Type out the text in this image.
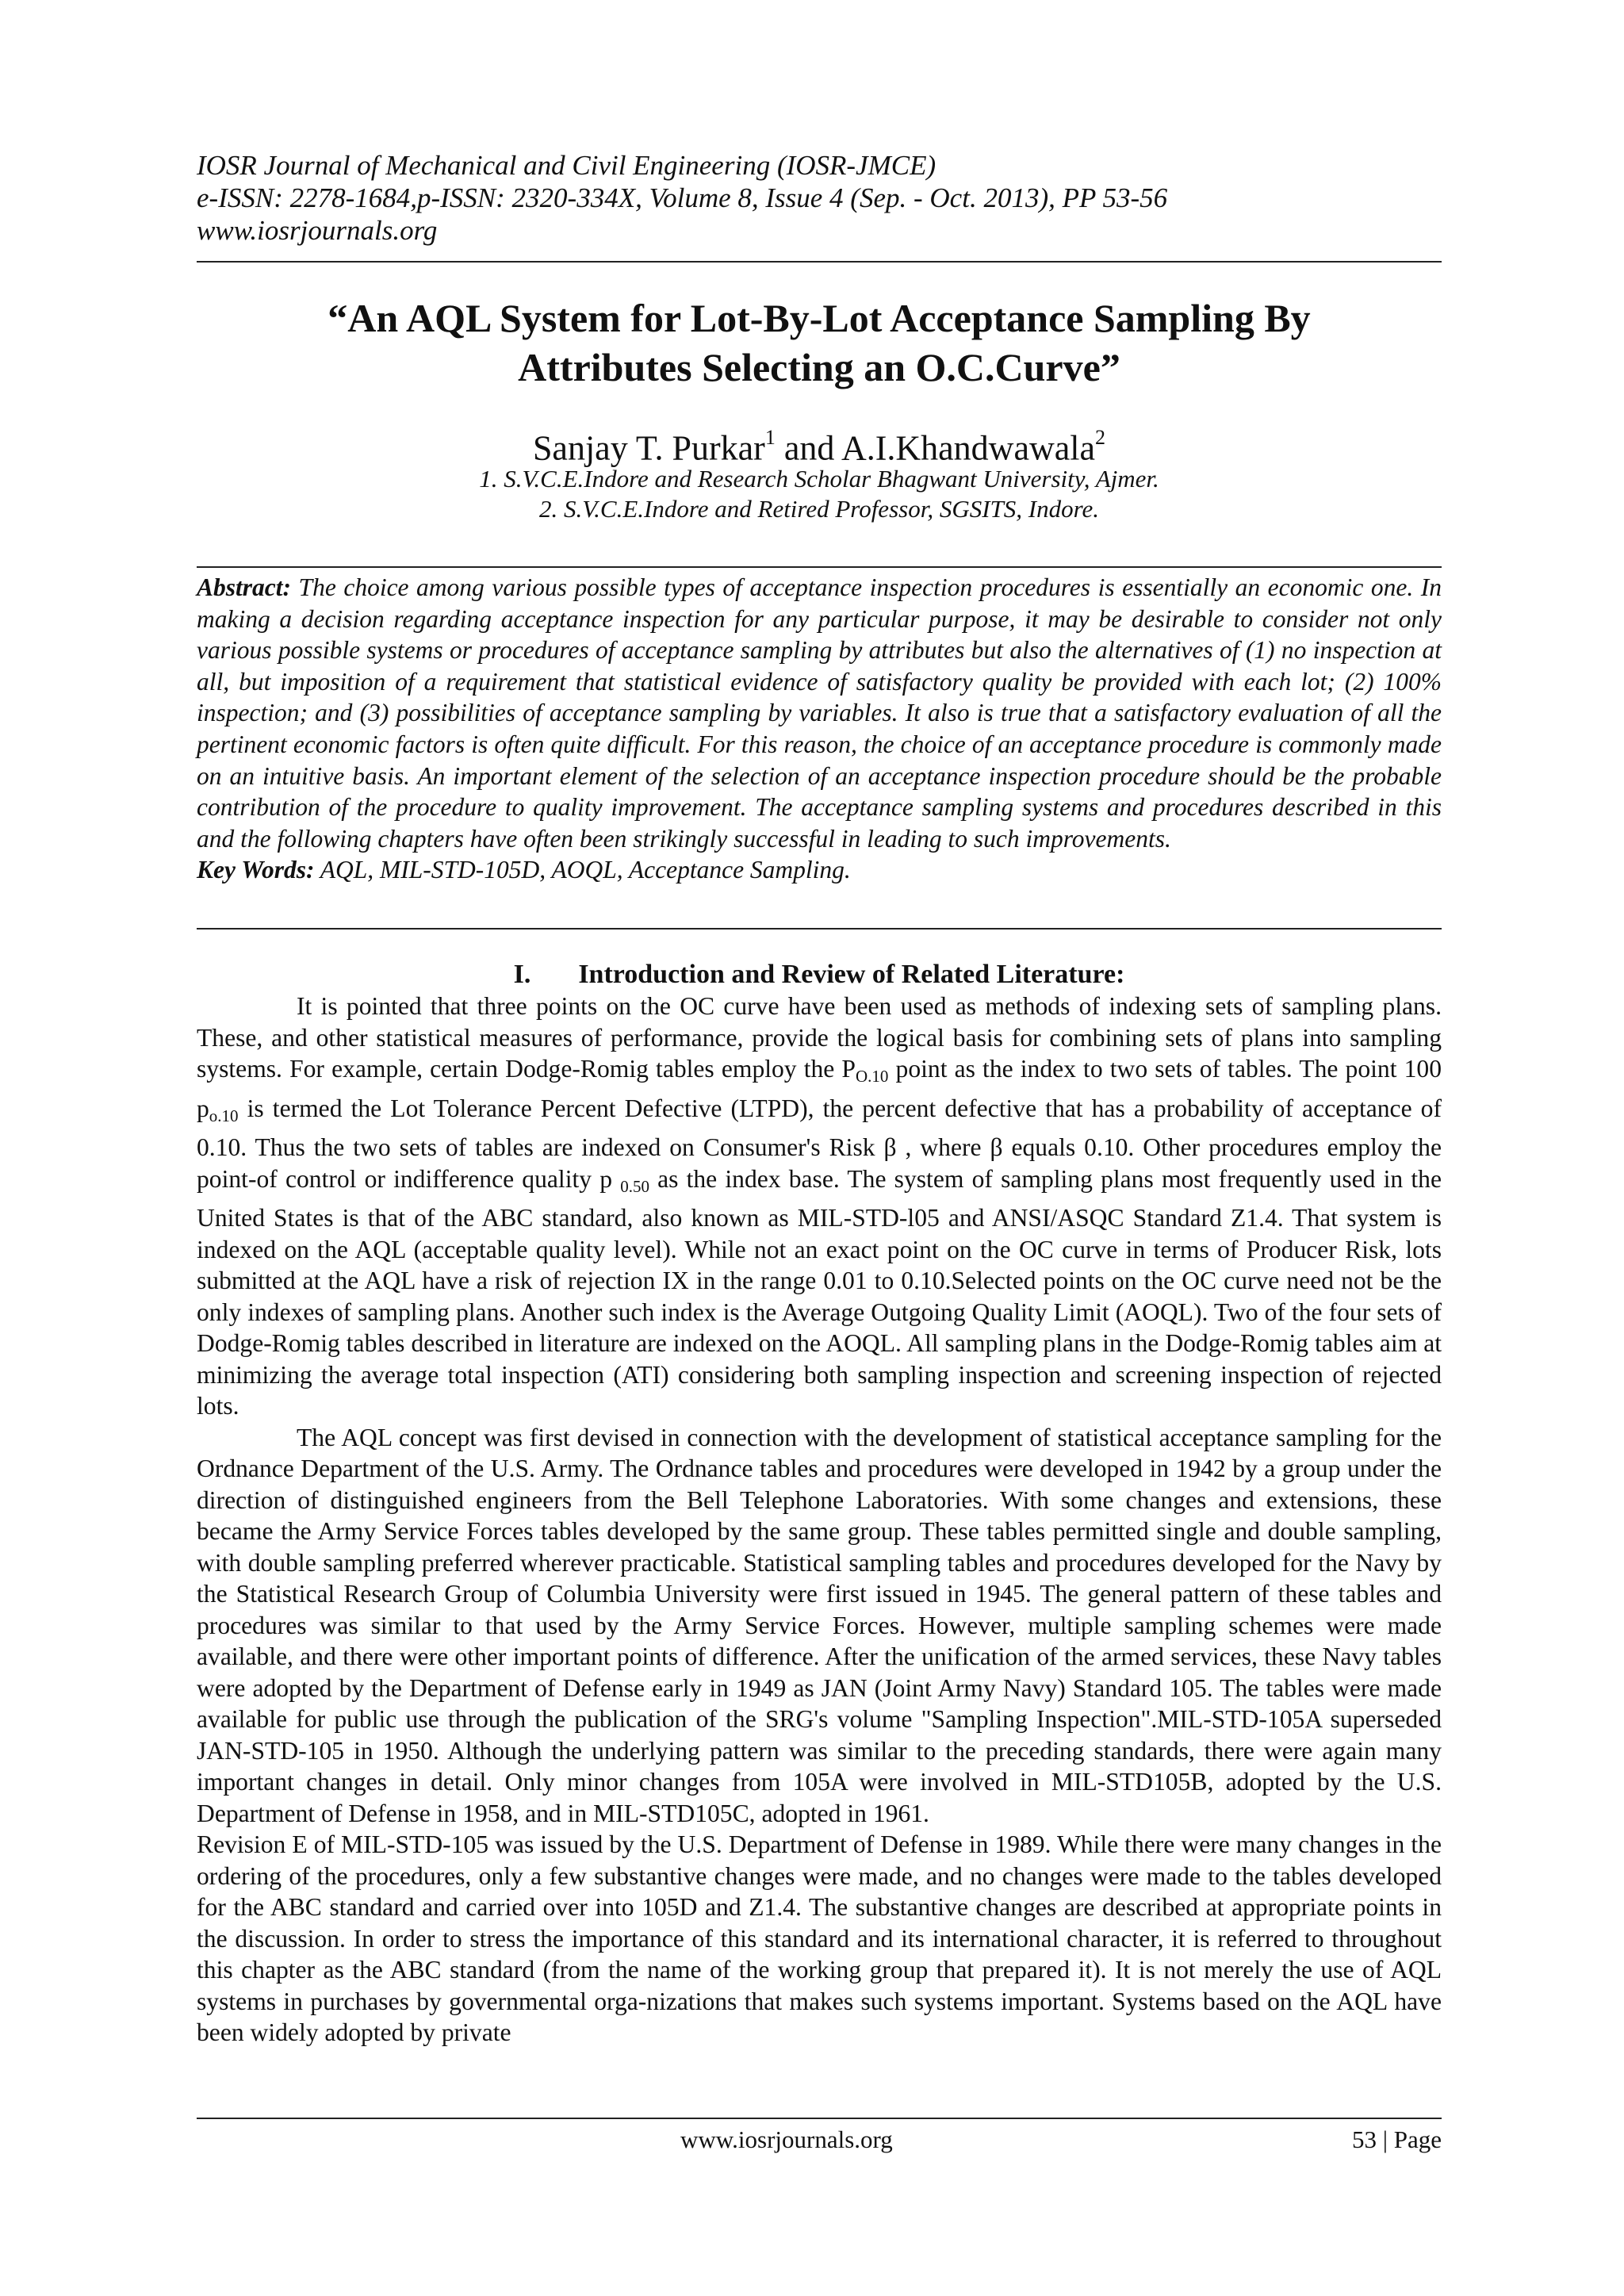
IOSR Journal of Mechanical and Civil Engineering (IOSR-JMCE)
e-ISSN: 2278-1684,p-ISSN: 2320-334X, Volume 8, Issue 4 (Sep. - Oct. 2013), PP 53-56
www.iosrjournals.org
“An AQL System for Lot-By-Lot Acceptance Sampling By
Attributes Selecting an O.C.Curve”
Sanjay T. Purkar$^1$ and A.I.Khandwawala$^2$
1. S.V.C.E.Indore and Research Scholar Bhagwant University, Ajmer.
2. S.V.C.E.Indore and Retired Professor, SGSITS, Indore.
Abstract: The choice among various possible types of acceptance inspection procedures is essentially an economic one. In making a decision regarding acceptance inspection for any particular purpose, it may be desirable to consider not only various possible systems or procedures of acceptance sampling by attributes but also the alternatives of (1) no inspection at all, but imposition of a requirement that statistical evidence of satisfactory quality be provided with each lot; (2) 100% inspection; and (3) possibilities of acceptance sampling by variables. It also is true that a satisfactory evaluation of all the pertinent economic factors is often quite difficult. For this reason, the choice of an acceptance procedure is commonly made on an intuitive basis. An important element of the selection of an acceptance inspection procedure should be the probable contribution of the procedure to quality improvement. The acceptance sampling systems and procedures described in this and the following chapters have often been strikingly successful in leading to such improvements.
Key Words: AQL, MIL-STD-105D, AOQL, Acceptance Sampling.
I. Introduction and Review of Related Literature:

It is pointed that three points on the OC curve have been used as methods of indexing sets of sampling plans. These, and other statistical measures of performance, provide the logical basis for combining sets of plans into sampling systems. For example, certain Dodge-Romig tables employ the $P_{O.10}$ point as the index to two sets of tables. The point 100 $p_{o.10}$ is termed the Lot Tolerance Percent Defective (LTPD), the percent defective that has a probability of acceptance of 0.10. Thus the two sets of tables are indexed on Consumer's Risk β , where β equals 0.10. Other procedures employ the point-of control or indifference quality p $_{0.50}$ as the index base. The system of sampling plans most frequently used in the United States is that of the ABC standard, also known as MIL-STD-l05 and ANSI/ASQC Standard Z1.4. That system is indexed on the AQL (acceptable quality level). While not an exact point on the OC curve in terms of Producer Risk, lots submitted at the AQL have a risk of rejection IX in the range 0.01 to 0.10.Selected points on the OC curve need not be the only indexes of sampling plans. Another such index is the Average Outgoing Quality Limit (AOQL). Two of the four sets of Dodge-Romig tables described in literature are indexed on the AOQL. All sampling plans in the Dodge-Romig tables aim at minimizing the average total inspection (ATI) considering both sampling inspection and screening inspection of rejected lots.

The AQL concept was first devised in connection with the development of statistical acceptance sampling for the Ordnance Department of the U.S. Army. The Ordnance tables and procedures were developed in 1942 by a group under the direction of distinguished engineers from the Bell Telephone Laboratories. With some changes and extensions, these became the Army Service Forces tables developed by the same group. These tables permitted single and double sampling, with double sampling preferred wherever practicable. Statistical sampling tables and procedures developed for the Navy by the Statistical Research Group of Columbia University were first issued in 1945. The general pattern of these tables and procedures was similar to that used by the Army Service Forces. However, multiple sampling schemes were made available, and there were other important points of difference. After the unification of the armed services, these Navy tables were adopted by the Department of Defense early in 1949 as JAN (Joint Army Navy) Standard 105. The tables were made available for public use through the publication of the SRG's volume "Sampling Inspection".MIL-STD-105A superseded JAN-STD-105 in 1950. Although the underlying pattern was similar to the preceding standards, there were again many important changes in detail. Only minor changes from 105A were involved in MIL-STD105B, adopted by the U.S. Department of Defense in 1958, and in MIL-STD105C, adopted in 1961.

Revision E of MIL-STD-105 was issued by the U.S. Department of Defense in 1989. While there were many changes in the ordering of the procedures, only a few substantive changes were made, and no changes were made to the tables developed for the ABC standard and carried over into 105D and Z1.4. The substantive changes are described at appropriate points in the discussion. In order to stress the importance of this standard and its international character, it is referred to throughout this chapter as the ABC standard (from the name of the working group that prepared it). It is not merely the use of AQL systems in purchases by governmental orga-nizations that makes such systems important. Systems based on the AQL have been widely adopted by private

www.iosrjournals.org	53 | Page
